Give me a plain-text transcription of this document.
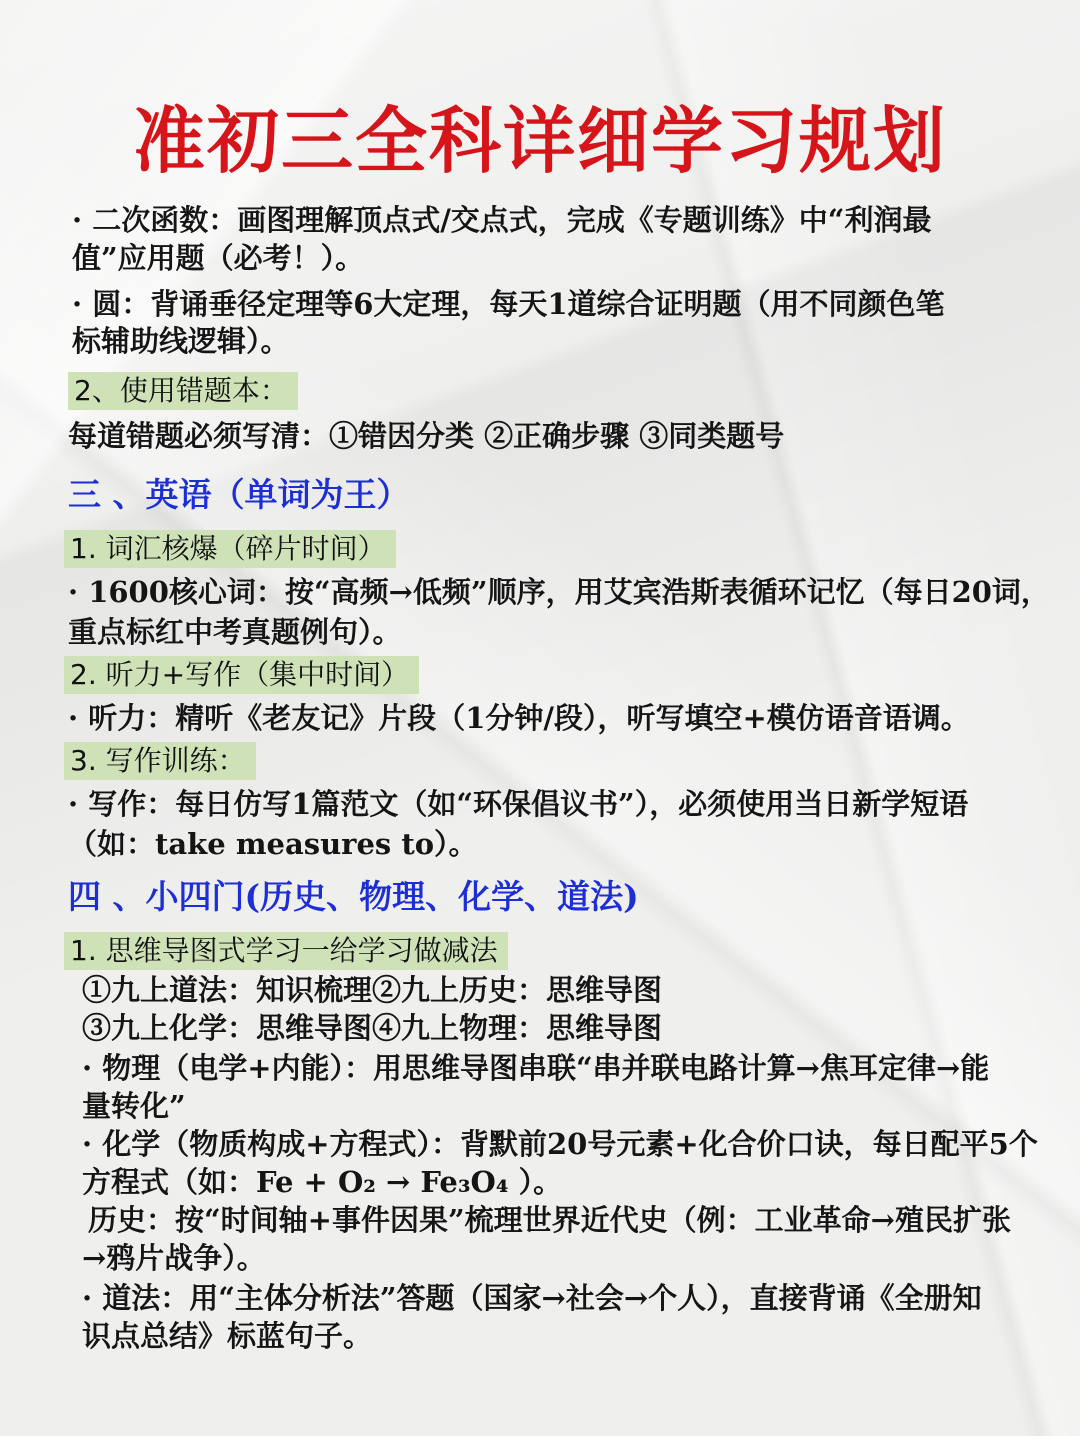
准初三全科详细学习规划
· 二次函数：画图理解顶点式/交点式，完成《专题训练》中“利润最
值”应用题（必考！）。
· 圆：背诵垂径定理等6大定理，每天1道综合证明题（用不同颜色笔
标辅助线逻辑）。
2、使用错题本：
每道错题必须写清：①错因分类 ②正确步骤 ③同类题号
三 、英语（单词为王）
1. 词汇核爆（碎片时间）
· 1600核心词：按“高频→低频”顺序，用艾宾浩斯表循环记忆（每日20词，
重点标红中考真题例句）。
2. 听力+写作（集中时间）
· 听力：精听《老友记》片段（1分钟/段），听写填空+模仿语音语调。
3. 写作训练：
· 写作：每日仿写1篇范文（如“环保倡议书”），必须使用当日新学短语
（如：take measures to）。
四 、小四门(历史、物理、化学、道法)
1. 思维导图式学习一给学习做减法
①九上道法：知识梳理②九上历史：思维导图
③九上化学：思维导图④九上物理：思维导图
· 物理（电学+内能）：用思维导图串联“串并联电路计算→焦耳定律→能
量转化”
· 化学（物质构成+方程式）：背默前20号元素+化合价口诀，每日配平5个
方程式（如：Fe + O₂ → Fe₃O₄ ）。
历史：按“时间轴+事件因果”梳理世界近代史（例：工业革命→殖民扩张
→鸦片战争）。
· 道法：用“主体分析法”答题（国家→社会→个人），直接背诵《全册知
识点总结》标蓝句子。
